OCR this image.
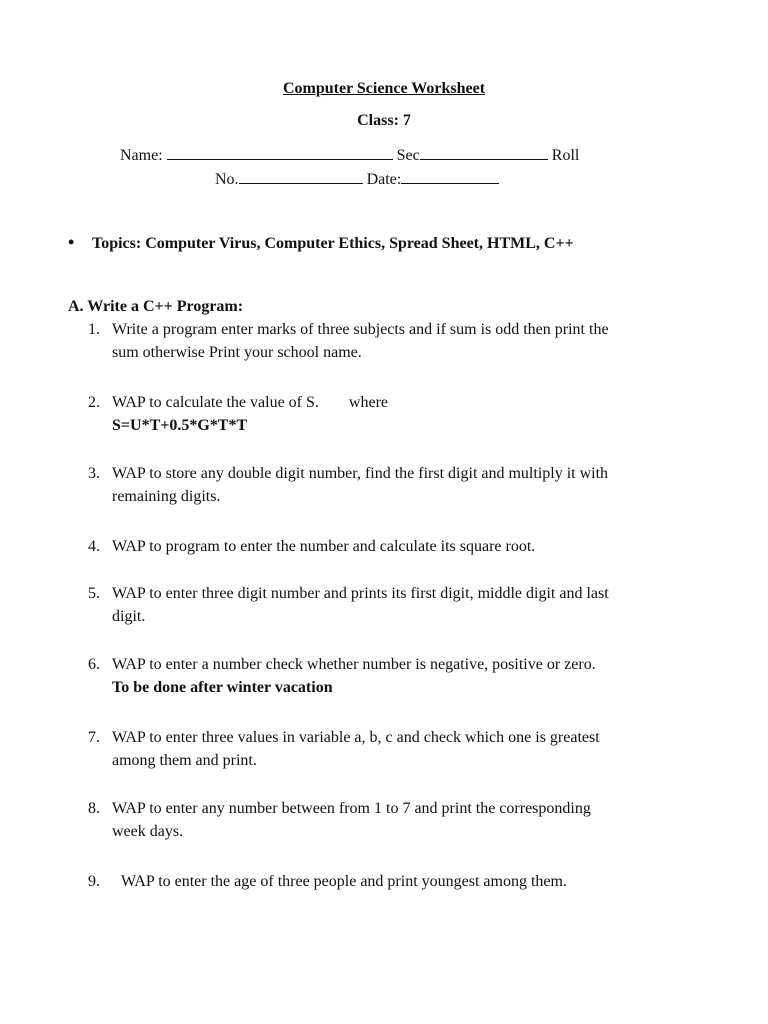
Computer Science Worksheet
Class: 7
Name:	Sec	Roll
No.	Date:
• Topics: Computer Virus, Computer Ethics, Spread Sheet, HTML, C++
A. Write a C++ Program:
1. Write a program enter marks of three subjects and if sum is odd then print the
sum otherwise Print your school name.
2. WAP to calculate the value of S. where
S=U*T+0.5*G*T*T
3. WAP to store any double digit number, find the first digit and multiply it with
remaining digits.
4. WAP to program to enter the number and calculate its square root.
5. WAP to enter three digit number and prints its first digit, middle digit and last
digit.
6. WAP to enter a number check whether number is negative, positive or zero.
To be done after winter vacation
7. WAP to enter three values in variable a, b, c and check which one is greatest
among them and print.
8. WAP to enter any number between from 1 to 7 and print the corresponding
week days.
9. WAP to enter the age of three people and print youngest among them.
